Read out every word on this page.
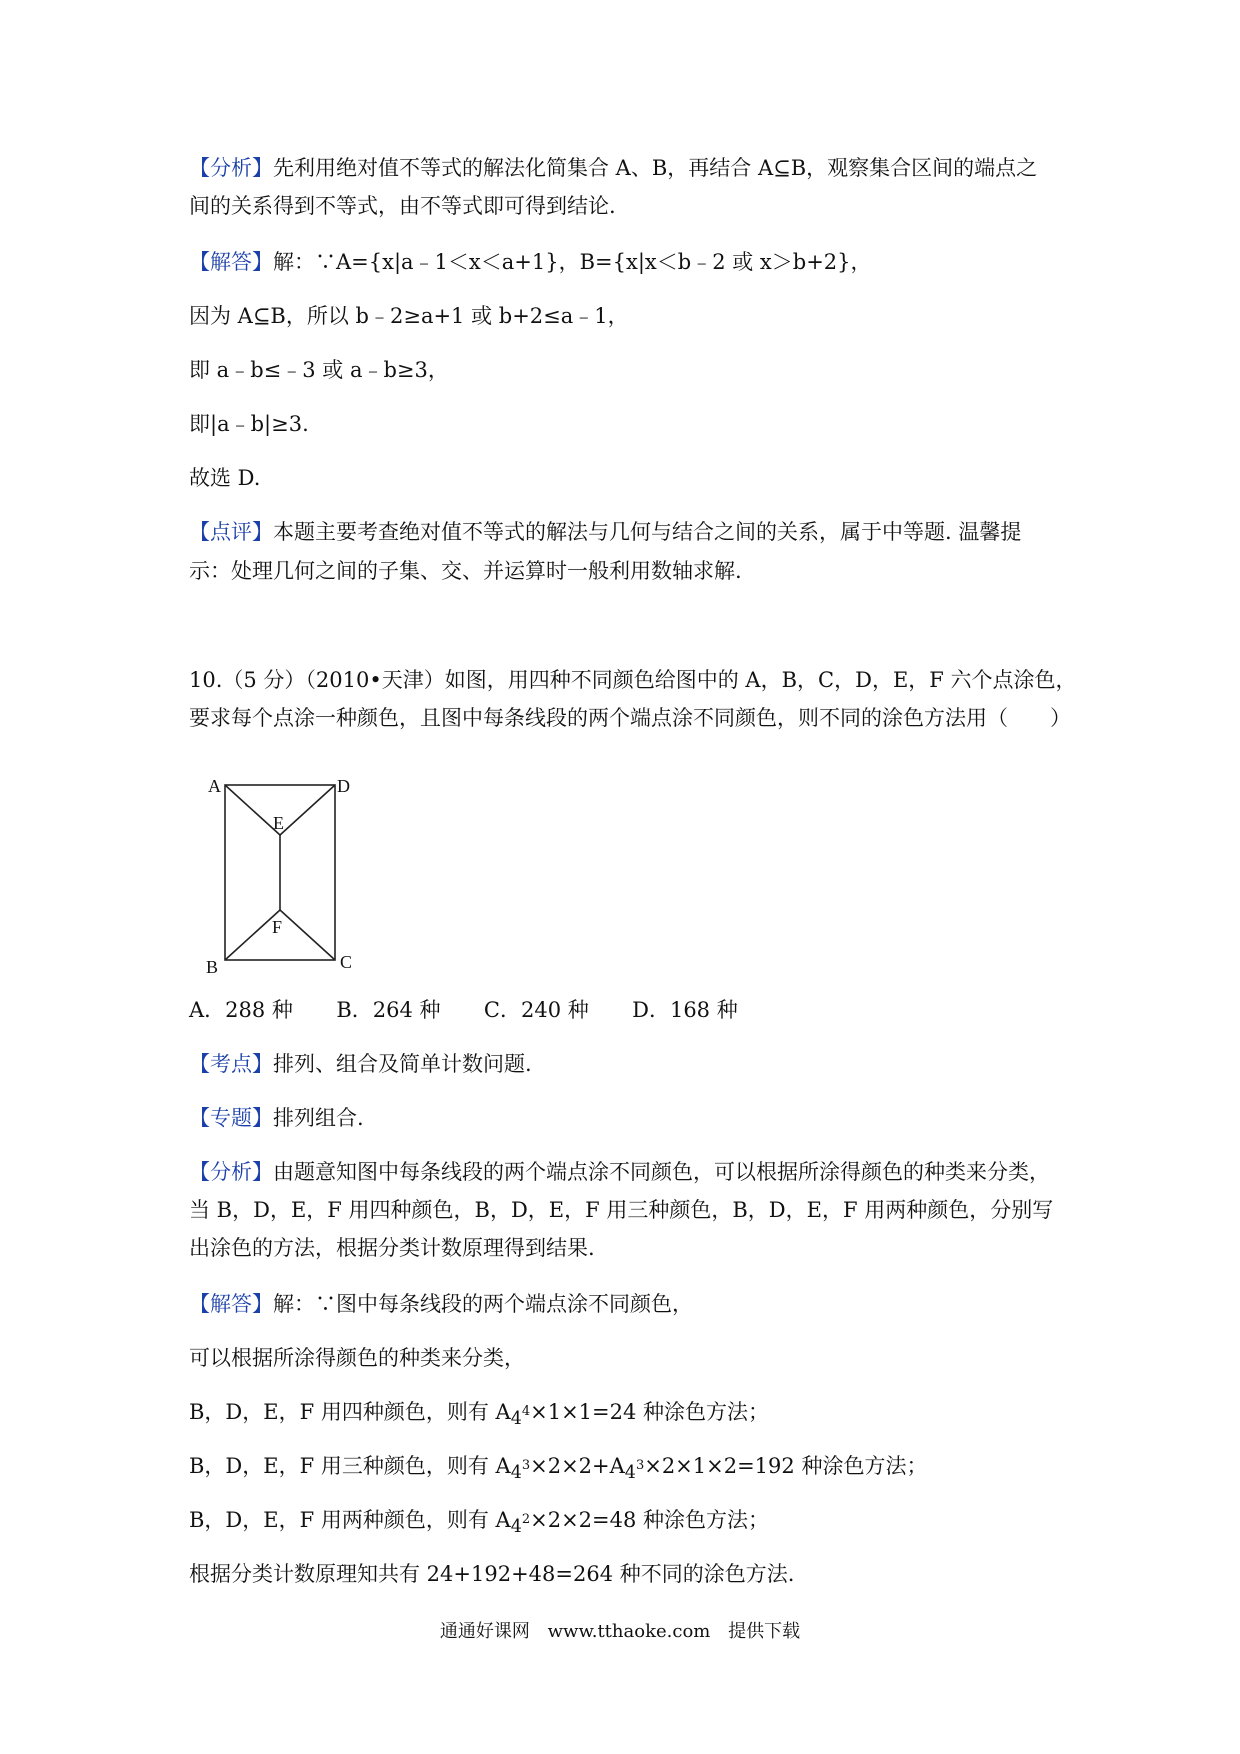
【分析】先利用绝对值不等式的解法化简集合 A、B，再结合 A⊆B，观察集合区间的端点之
间的关系得到不等式，由不等式即可得到结论.
【解答】解：∵A={x|a﹣1＜x＜a+1}，B={x|x＜b﹣2 或 x＞b+2}，
因为 A⊆B，所以 b﹣2≥a+1 或 b+2≤a﹣1，
即 a﹣b≤﹣3 或 a﹣b≥3，
即|a﹣b|≥3.
故选 D.
【点评】本题主要考查绝对值不等式的解法与几何与结合之间的关系，属于中等题. 温馨提
示：处理几何之间的子集、交、并运算时一般利用数轴求解.
10.（5 分）（2010•天津）如图，用四种不同颜色给图中的 A，B，C，D，E，F 六个点涂色，
要求每个点涂一种颜色，且图中每条线段的两个端点涂不同颜色，则不同的涂色方法用（　　）
A	D
E
F
B	C
A．288 种 B．264 种 C．240 种 D．168 种
【考点】排列、组合及简单计数问题.
【专题】排列组合.
【分析】由题意知图中每条线段的两个端点涂不同颜色，可以根据所涂得颜色的种类来分类，
当 B，D，E，F 用四种颜色，B，D，E，F 用三种颜色，B，D，E，F 用两种颜色，分别写
出涂色的方法，根据分类计数原理得到结果.
【解答】解：∵图中每条线段的两个端点涂不同颜色，
可以根据所涂得颜色的种类来分类，
B，D，E，F 用四种颜色，则有 $A_4^4\times 1\times 1=24$ 种涂色方法；
B，D，E，F 用三种颜色，则有 $A_4^3\times 2\times 2+A_4^3\times 2\times 1\times 2=192$ 种涂色方法；
B，D，E，F 用两种颜色，则有 $A_4^2\times 2\times 2=48$ 种涂色方法；
根据分类计数原理知共有 24+192+48=264 种不同的涂色方法.
通通好课网 www.tthaoke.com 提供下载
